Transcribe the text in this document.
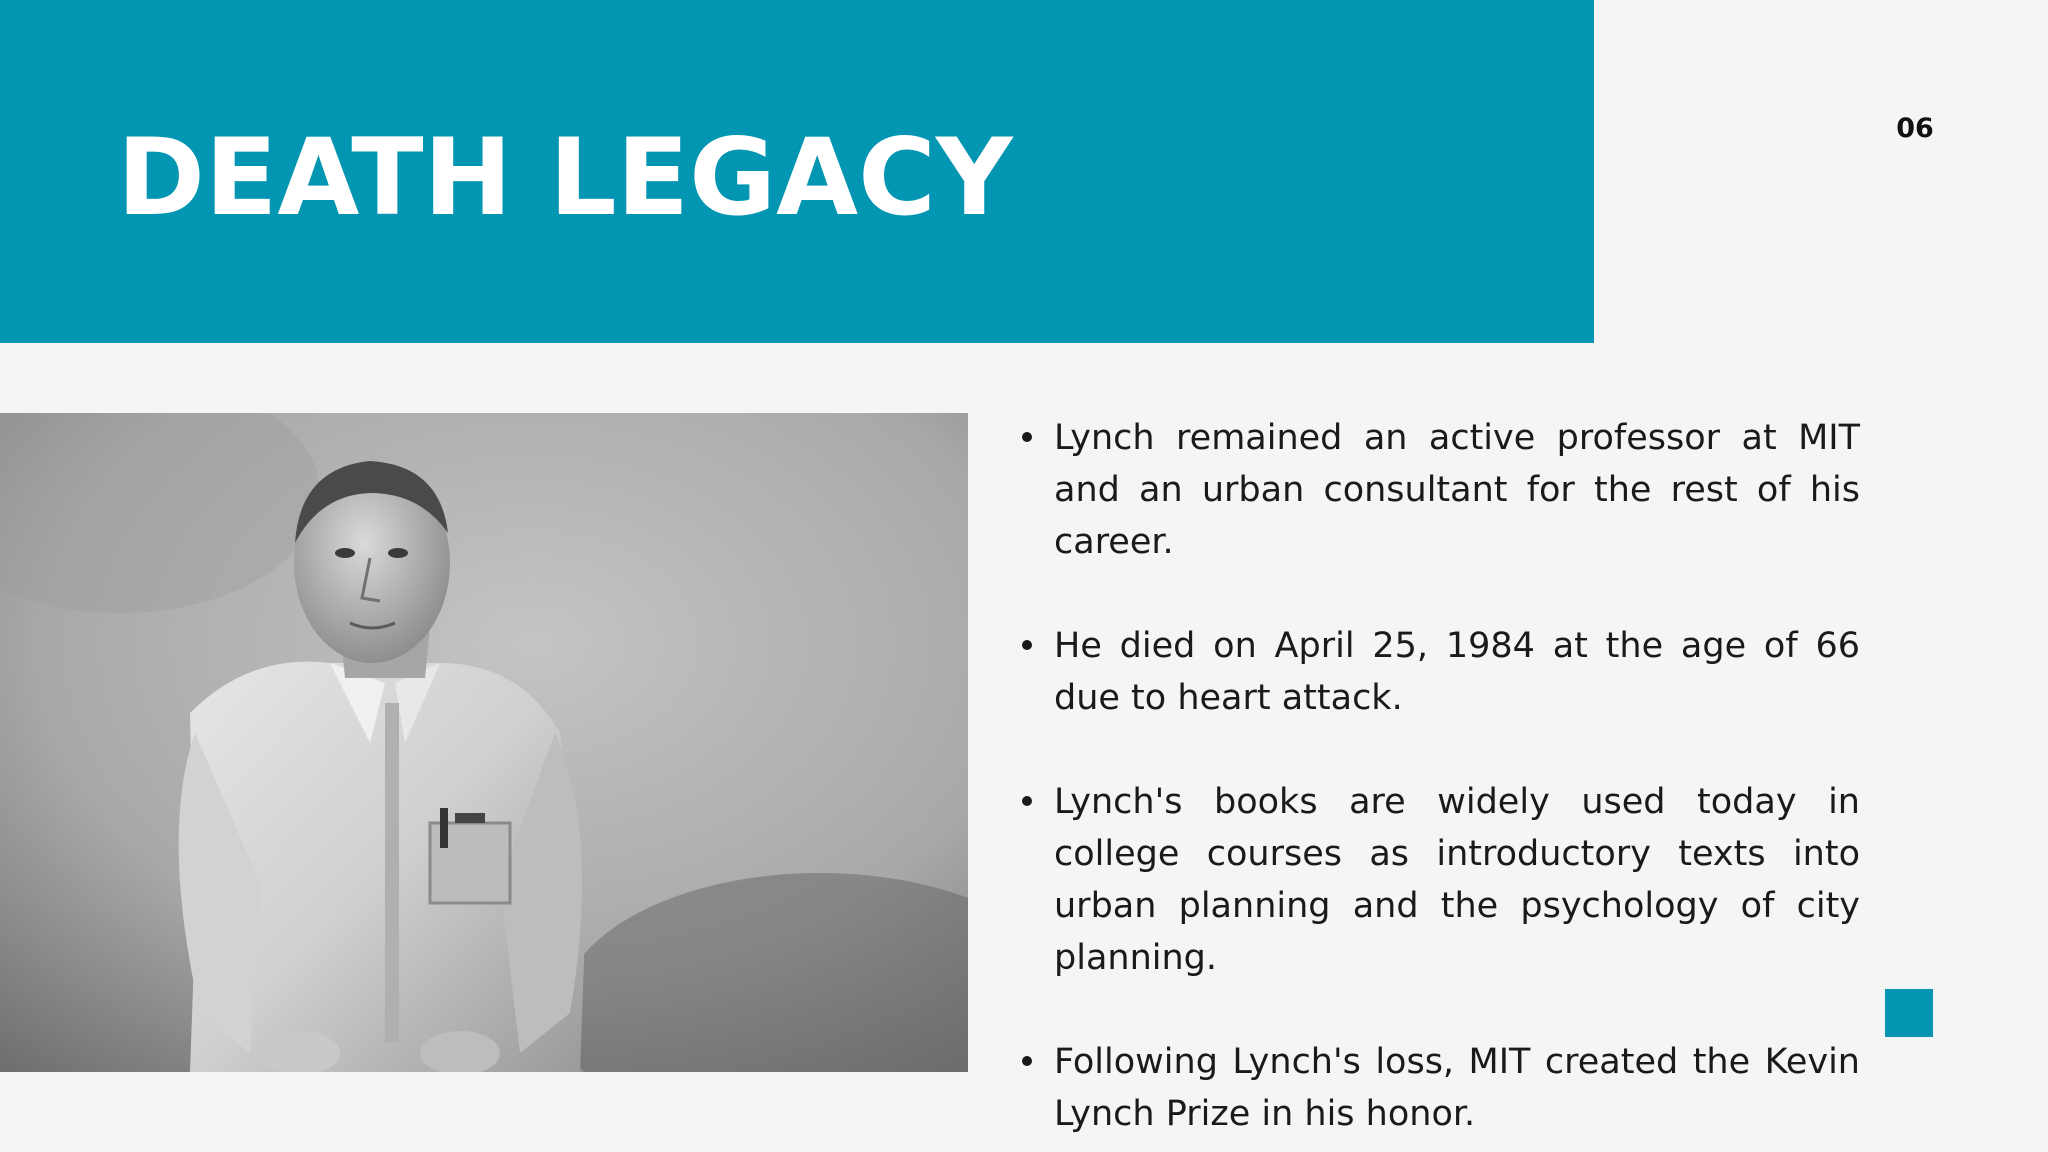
DEATH LEGACY	06
Lynch remained an active professor at MIT and an urban consultant for the rest of his career.
He died on April 25, 1984 at the age of 66 due to heart attack.
Lynch's books are widely used today in college courses as introductory texts into urban planning and the psychology of city planning.
Following Lynch's loss, MIT created the Kevin Lynch Prize in his honor.
